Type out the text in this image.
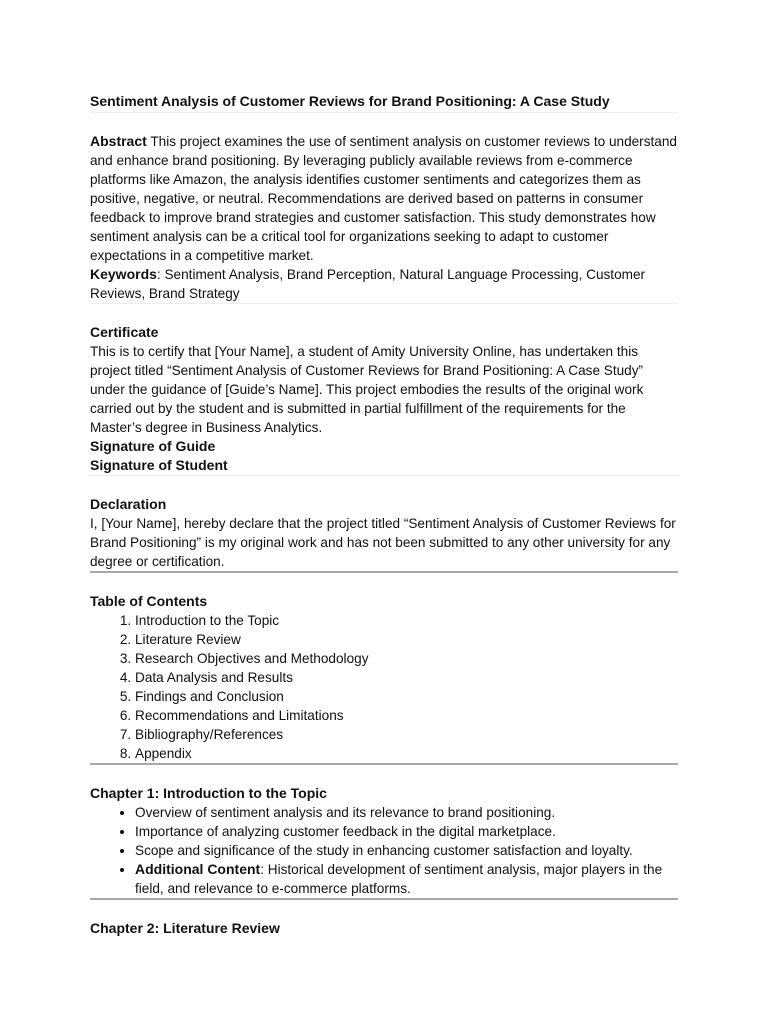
Sentiment Analysis of Customer Reviews for Brand Positioning: A Case Study

Abstract This project examines the use of sentiment analysis on customer reviews to understand and enhance brand positioning. By leveraging publicly available reviews from e-commerce platforms like Amazon, the analysis identifies customer sentiments and categorizes them as positive, negative, or neutral. Recommendations are derived based on patterns in consumer feedback to improve brand strategies and customer satisfaction. This study demonstrates how sentiment analysis can be a critical tool for organizations seeking to adapt to customer expectations in a competitive market.

Keywords: Sentiment Analysis, Brand Perception, Natural Language Processing, Customer Reviews, Brand Strategy

Certificate

This is to certify that [Your Name], a student of Amity University Online, has undertaken this project titled “Sentiment Analysis of Customer Reviews for Brand Positioning: A Case Study” under the guidance of [Guide’s Name]. This project embodies the results of the original work carried out by the student and is submitted in partial fulfillment of the requirements for the Master’s degree in Business Analytics.

Signature of Guide
Signature of Student
Declaration

I, [Your Name], hereby declare that the project titled “Sentiment Analysis of Customer Reviews for Brand Positioning” is my original work and has not been submitted to any other university for any degree or certification.

Table of Contents
1. Introduction to the Topic
2. Literature Review
3. Research Objectives and Methodology
4. Data Analysis and Results
5. Findings and Conclusion
6. Recommendations and Limitations
7. Bibliography/References
8. Appendix
Chapter 1: Introduction to the Topic
• Overview of sentiment analysis and its relevance to brand positioning.
• Importance of analyzing customer feedback in the digital marketplace.
• Scope and significance of the study in enhancing customer satisfaction and loyalty.
• Additional Content: Historical development of sentiment analysis, major players in the field, and relevance to e-commerce platforms.
Chapter 2: Literature Review
